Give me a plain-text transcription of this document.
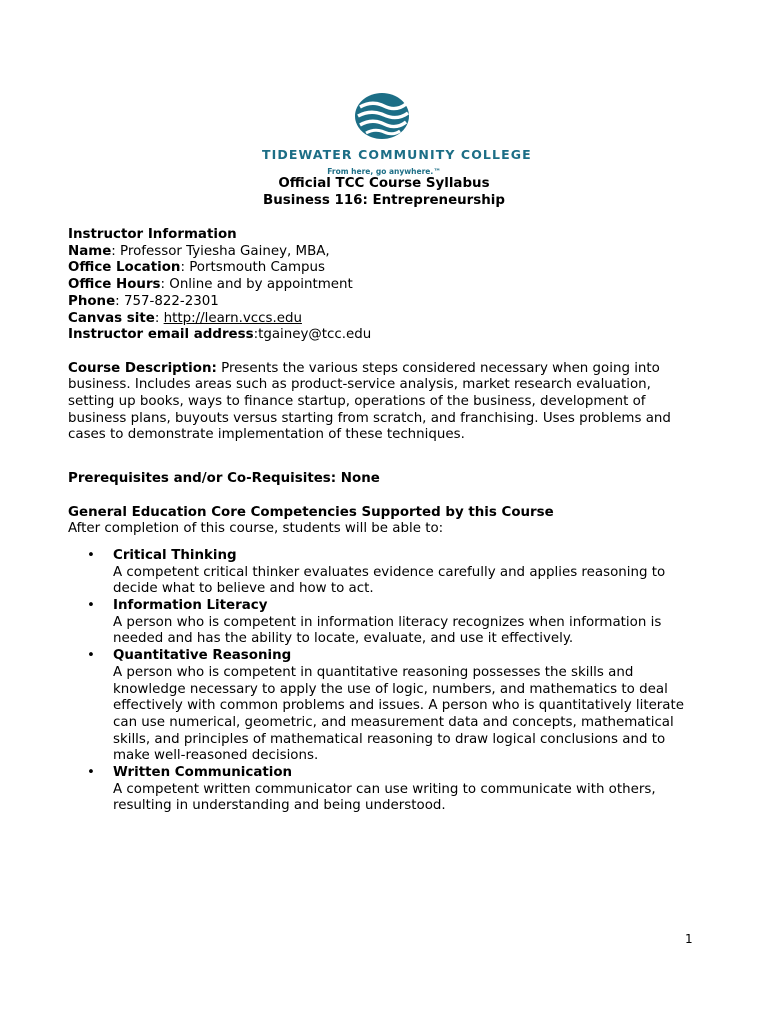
TIDEWATER COMMUNITY COLLEGE
From here, go anywhere.™
Official TCC Course Syllabus
Business 116: Entrepreneurship
Instructor Information
Name: Professor Tyiesha Gainey, MBA,
Office Location: Portsmouth Campus
Office Hours: Online and by appointment
Phone: 757-822-2301
Canvas site: http://learn.vccs.edu
Instructor email address:tgainey@tcc.edu
Course Description: Presents the various steps considered necessary when going into business. Includes areas such as product-service analysis, market research evaluation, setting up books, ways to finance startup, operations of the business, development of business plans, buyouts versus starting from scratch, and franchising. Uses problems and cases to demonstrate implementation of these techniques.
Prerequisites and/or Co-Requisites: None
General Education Core Competencies Supported by this Course
After completion of this course, students will be able to:
• Critical Thinking
A competent critical thinker evaluates evidence carefully and applies reasoning to decide what to believe and how to act.
• Information Literacy
A person who is competent in information literacy recognizes when information is needed and has the ability to locate, evaluate, and use it effectively.
• Quantitative Reasoning
A person who is competent in quantitative reasoning possesses the skills and knowledge necessary to apply the use of logic, numbers, and mathematics to deal effectively with common problems and issues. A person who is quantitatively literate can use numerical, geometric, and measurement data and concepts, mathematical skills, and principles of mathematical reasoning to draw logical conclusions and to make well-reasoned decisions.
• Written Communication
A competent written communicator can use writing to communicate with others, resulting in understanding and being understood.
1
